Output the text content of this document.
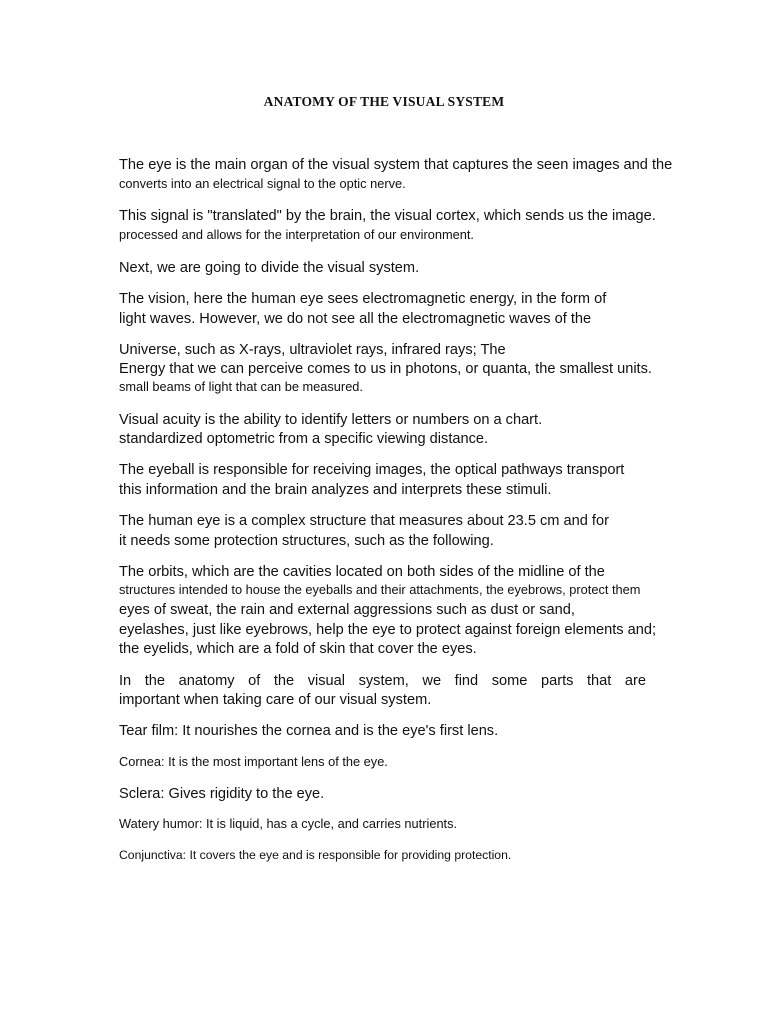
ANATOMY OF THE VISUAL SYSTEM
The eye is the main organ of the visual system that captures the seen images and the
converts into an electrical signal to the optic nerve.
This signal is "translated" by the brain, the visual cortex, which sends us the image.
processed and allows for the interpretation of our environment.
Next, we are going to divide the visual system.
The vision, here the human eye sees electromagnetic energy, in the form of
light waves. However, we do not see all the electromagnetic waves of the
Universe, such as X-rays, ultraviolet rays, infrared rays; The
Energy that we can perceive comes to us in photons, or quanta, the smallest units.
small beams of light that can be measured.
Visual acuity is the ability to identify letters or numbers on a chart.
standardized optometric from a specific viewing distance.
The eyeball is responsible for receiving images, the optical pathways transport
this information and the brain analyzes and interprets these stimuli.
The human eye is a complex structure that measures about 23.5 cm and for
it needs some protection structures, such as the following.
The orbits, which are the cavities located on both sides of the midline of the
structures intended to house the eyeballs and their attachments, the eyebrows, protect them
eyes of sweat, the rain and external aggressions such as dust or sand,
eyelashes, just like eyebrows, help the eye to protect against foreign elements and;
the eyelids, which are a fold of skin that cover the eyes.
In the anatomy of the visual system, we find some parts that are
important when taking care of our visual system.
Tear film: It nourishes the cornea and is the eye's first lens.
Cornea: It is the most important lens of the eye.
Sclera: Gives rigidity to the eye.
Watery humor: It is liquid, has a cycle, and carries nutrients.
Conjunctiva: It covers the eye and is responsible for providing protection.
